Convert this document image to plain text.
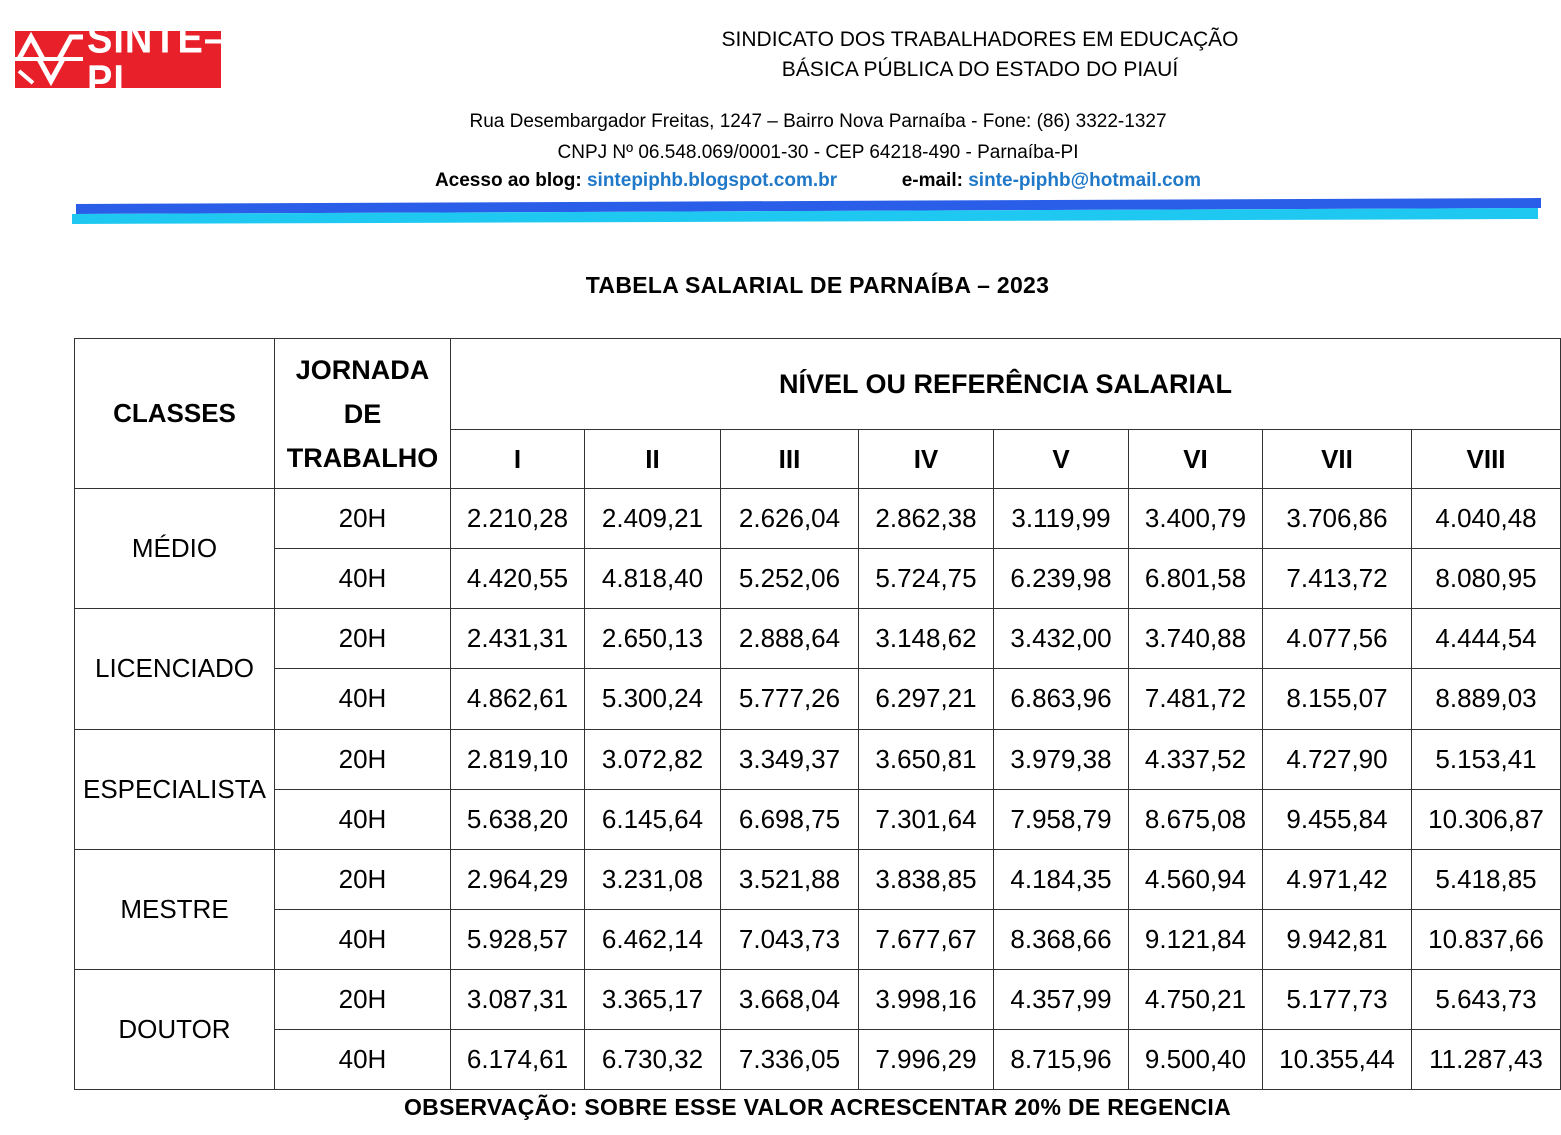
SINTE–PI
SINDICATO DOS TRABALHADORES EM EDUCAÇÃO
BÁSICA PÚBLICA DO ESTADO DO PIAUÍ
Rua Desembargador Freitas, 1247 – Bairro Nova Parnaíba - Fone: (86) 3322-1327
CNPJ Nº 06.548.069/0001-30 - CEP 64218-490 - Parnaíba-PI
Acesso ao blog: sintepiphb.blogspot.com.br	e-mail: sinte-piphb@hotmail.com
TABELA SALARIAL DE PARNAÍBA – 2023
CLASSES	JORNADA
DE
TRABALHO	NÍVEL OU REFERÊNCIA SALARIAL							
		I	II	III	IV	V	VI	VII	VIII
MÉDIO	20H	2.210,28	2.409,21	2.626,04	2.862,38	3.119,99	3.400,79	3.706,86	4.040,48
	40H	4.420,55	4.818,40	5.252,06	5.724,75	6.239,98	6.801,58	7.413,72	8.080,95
LICENCIADO	20H	2.431,31	2.650,13	2.888,64	3.148,62	3.432,00	3.740,88	4.077,56	4.444,54
	40H	4.862,61	5.300,24	5.777,26	6.297,21	6.863,96	7.481,72	8.155,07	8.889,03
ESPECIALISTA	20H	2.819,10	3.072,82	3.349,37	3.650,81	3.979,38	4.337,52	4.727,90	5.153,41
	40H	5.638,20	6.145,64	6.698,75	7.301,64	7.958,79	8.675,08	9.455,84	10.306,87
MESTRE	20H	2.964,29	3.231,08	3.521,88	3.838,85	4.184,35	4.560,94	4.971,42	5.418,85
	40H	5.928,57	6.462,14	7.043,73	7.677,67	8.368,66	9.121,84	9.942,81	10.837,66
DOUTOR	20H	3.087,31	3.365,17	3.668,04	3.998,16	4.357,99	4.750,21	5.177,73	5.643,73
	40H	6.174,61	6.730,32	7.336,05	7.996,29	8.715,96	9.500,40	10.355,44	11.287,43
OBSERVAÇÃO: SOBRE ESSE VALOR ACRESCENTAR 20% DE REGENCIA
